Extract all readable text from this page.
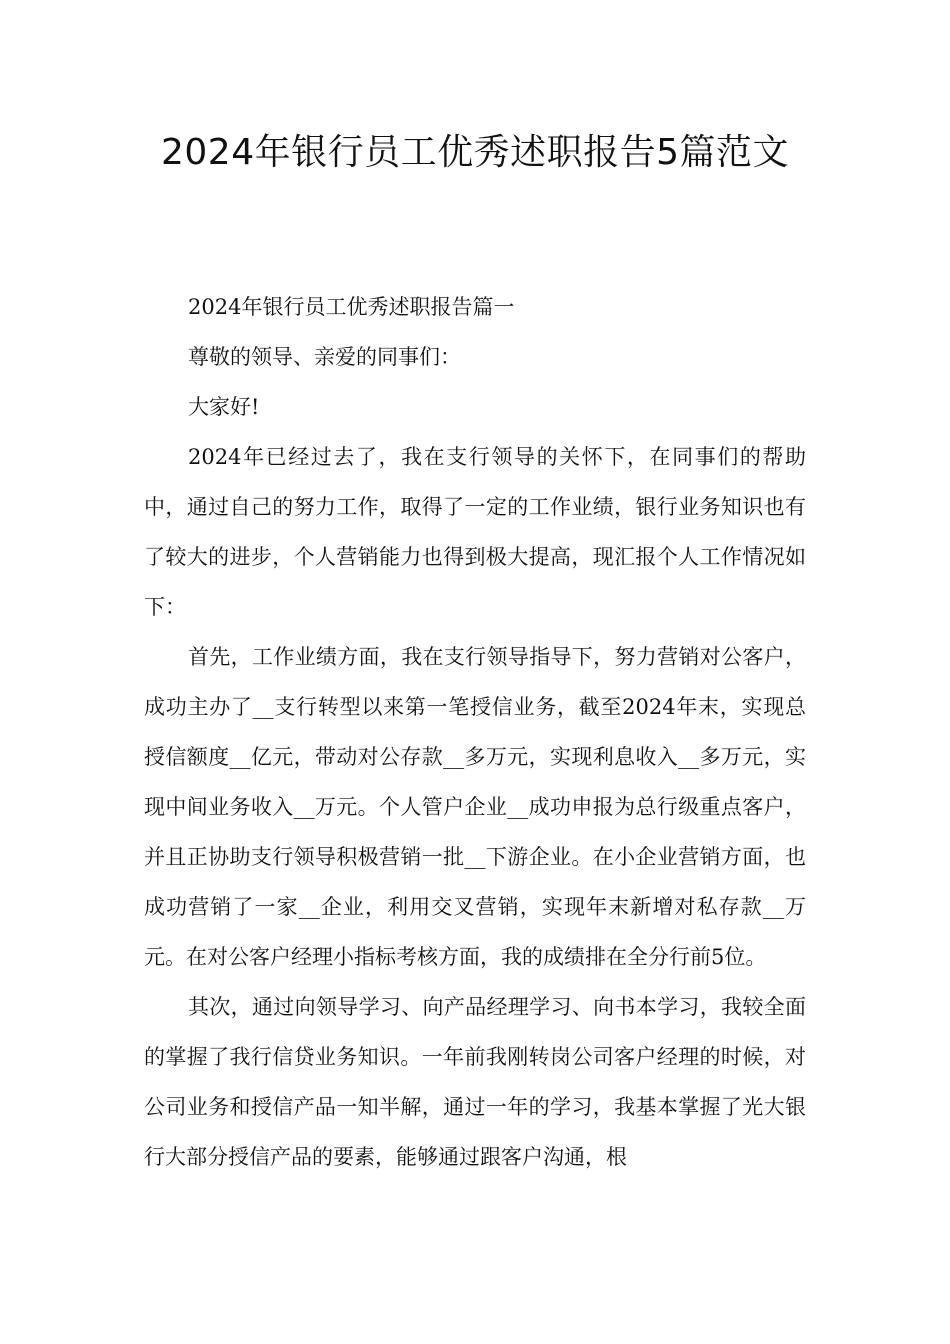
2024年银行员工优秀述职报告5篇范文

2024年银行员工优秀述职报告篇一

尊敬的领导、亲爱的同事们：

大家好!

2024年已经过去了，我在支行领导的关怀下，在同事们的帮助中，通过自己的努力工作，取得了一定的工作业绩，银行业务知识也有了较大的进步，个人营销能力也得到极大提高，现汇报个人工作情况如下：

首先，工作业绩方面，我在支行领导指导下，努力营销对公客户，成功主办了__支行转型以来第一笔授信业务，截至2024年末，实现总授信额度__亿元，带动对公存款__多万元，实现利息收入__多万元，实现中间业务收入__万元。个人管户企业__成功申报为总行级重点客户，并且正协助支行领导积极营销一批__下游企业。在小企业营销方面，也成功营销了一家__企业，利用交叉营销，实现年末新增对私存款__万元。在对公客户经理小指标考核方面，我的成绩排在全分行前5位。

其次，通过向领导学习、向产品经理学习、向书本学习，我较全面的掌握了我行信贷业务知识。一年前我刚转岗公司客户经理的时候，对公司业务和授信产品一知半解，通过一年的学习，我基本掌握了光大银行大部分授信产品的要素，能够通过跟客户沟通，根
